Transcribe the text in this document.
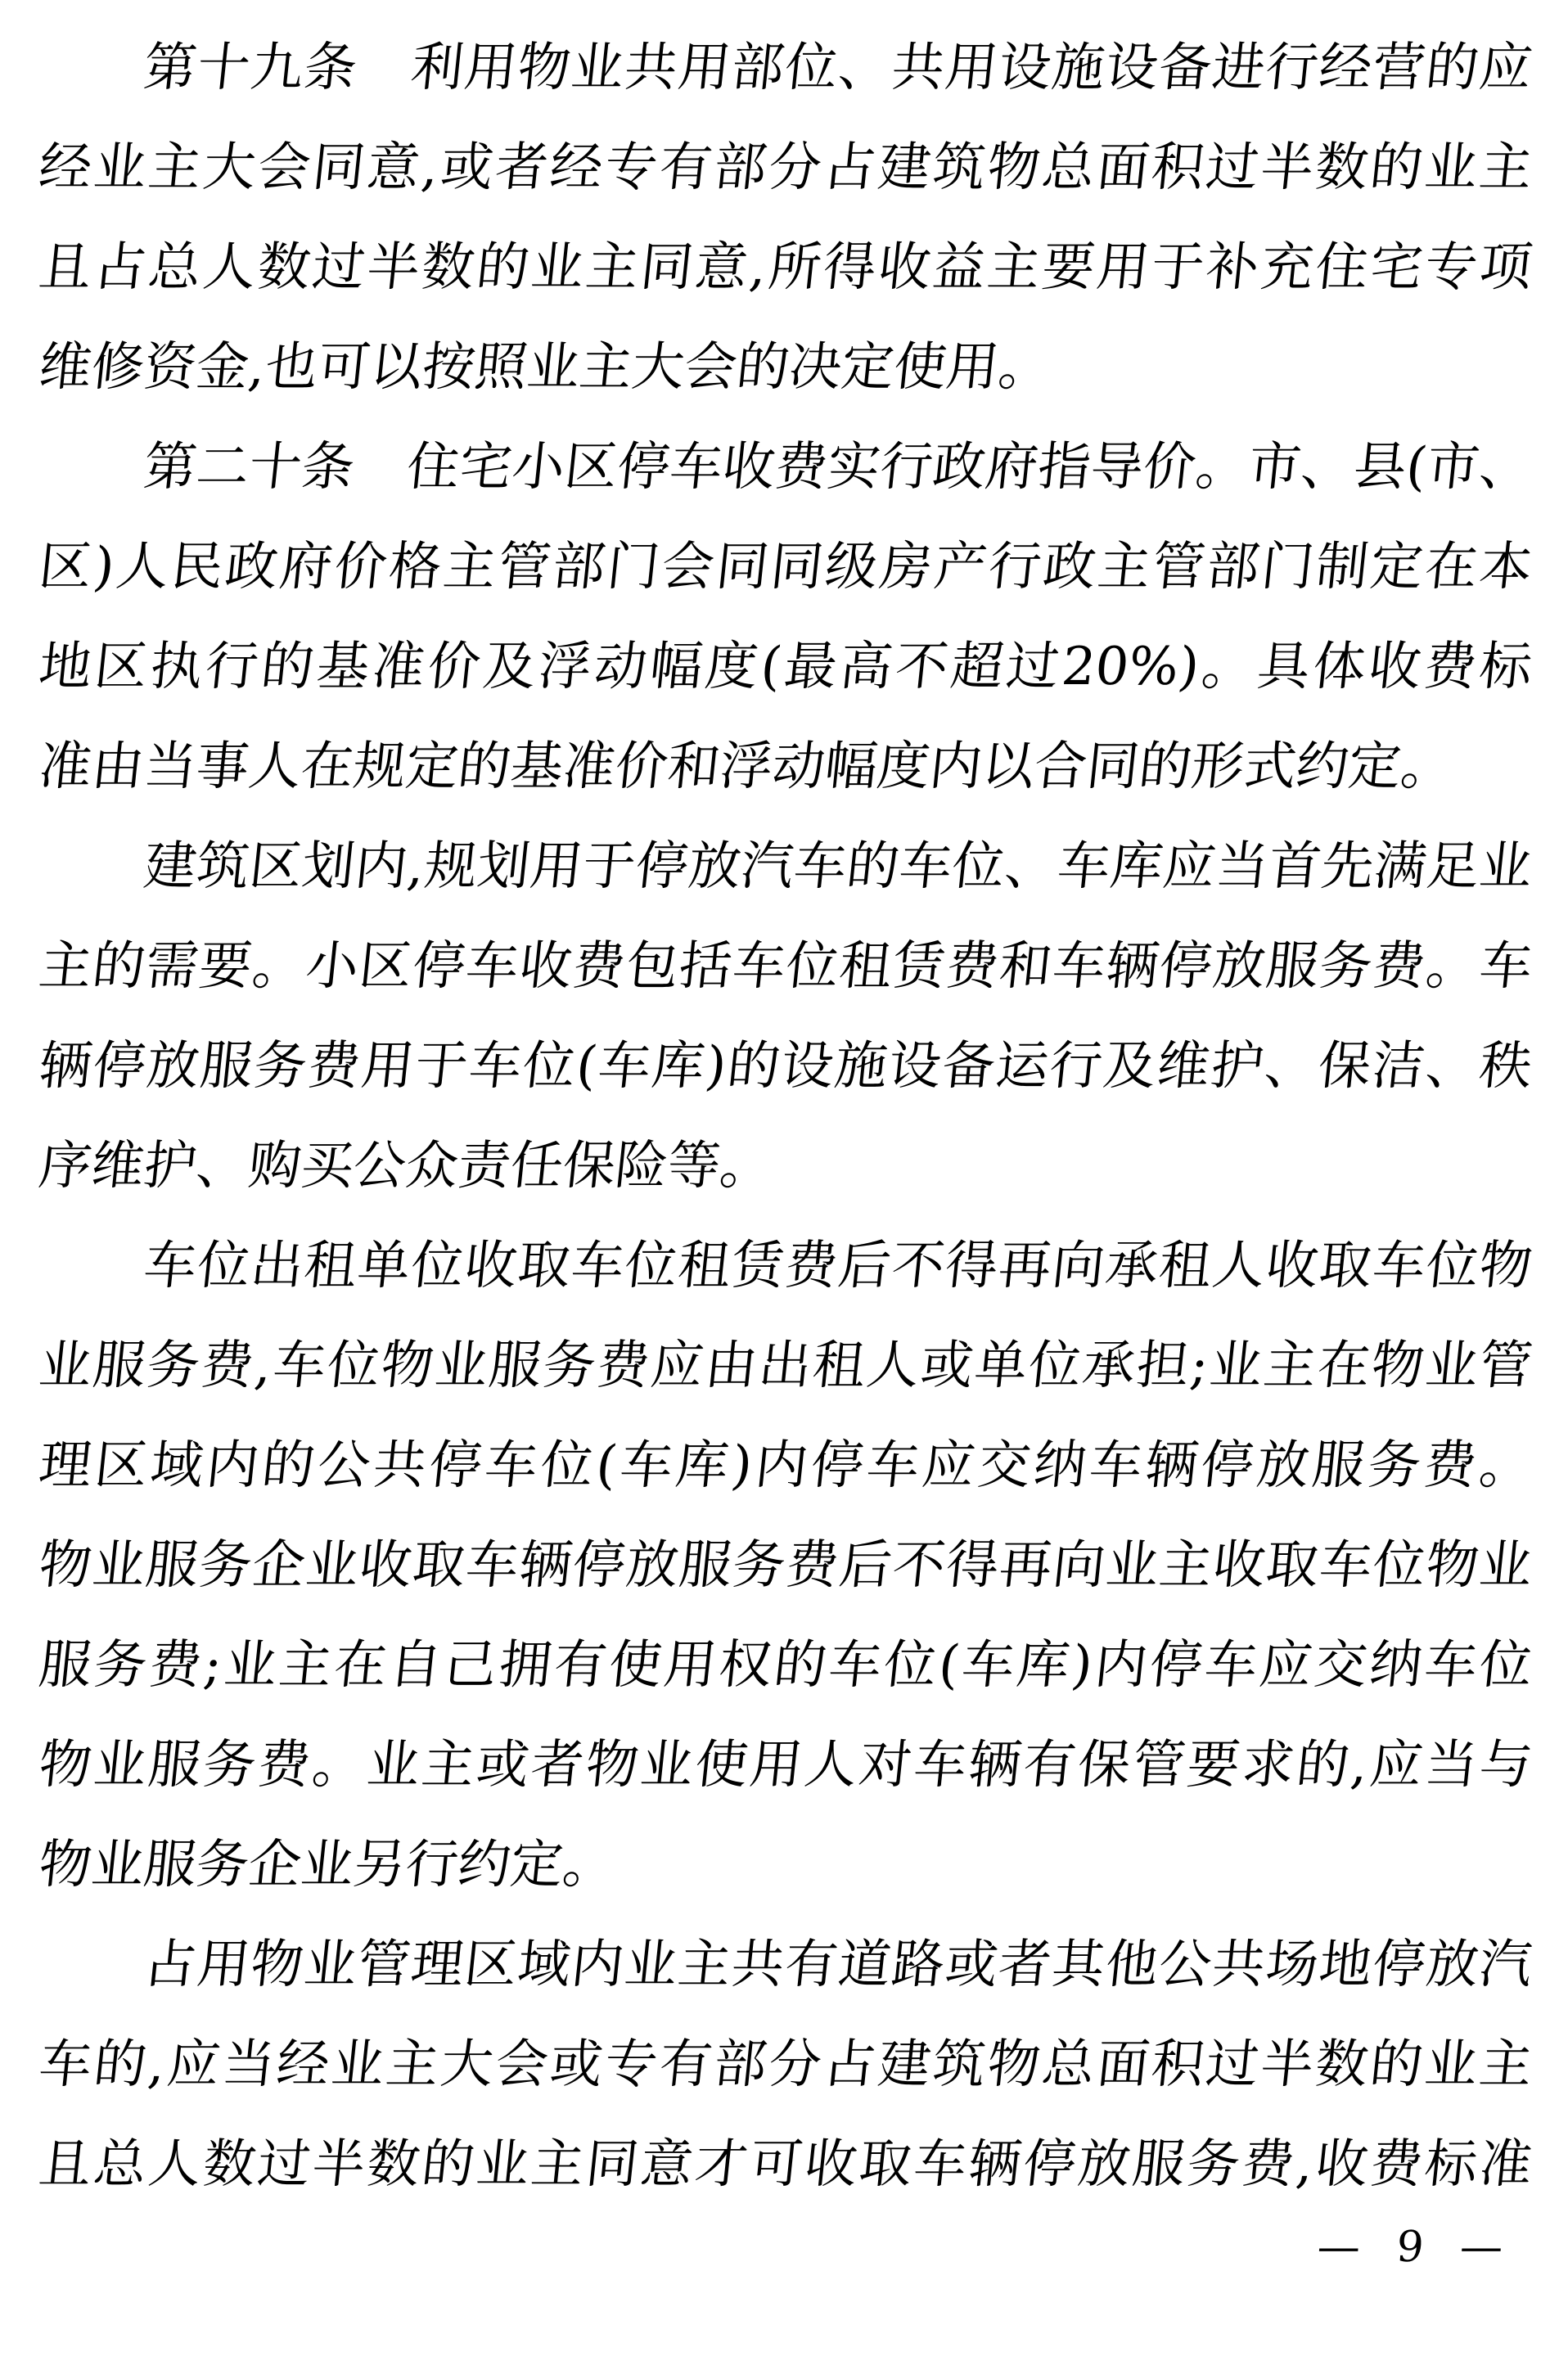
第十九条　利用物业共用部位、共用设施设备进行经营的应
经业主大会同意,或者经专有部分占建筑物总面积过半数的业主
且占总人数过半数的业主同意,所得收益主要用于补充住宅专项
维修资金,也可以按照业主大会的决定使用。
第二十条　住宅小区停车收费实行政府指导价。市、县(市、
区)人民政府价格主管部门会同同级房产行政主管部门制定在本
地区执行的基准价及浮动幅度(最高不超过20%)。具体收费标
准由当事人在规定的基准价和浮动幅度内以合同的形式约定。
建筑区划内,规划用于停放汽车的车位、车库应当首先满足业
主的需要。小区停车收费包括车位租赁费和车辆停放服务费。车
辆停放服务费用于车位(车库)的设施设备运行及维护、保洁、秩
序维护、购买公众责任保险等。
车位出租单位收取车位租赁费后不得再向承租人收取车位物
业服务费,车位物业服务费应由出租人或单位承担;业主在物业管
理区域内的公共停车位(车库)内停车应交纳车辆停放服务费。
物业服务企业收取车辆停放服务费后不得再向业主收取车位物业
服务费;业主在自己拥有使用权的车位(车库)内停车应交纳车位
物业服务费。业主或者物业使用人对车辆有保管要求的,应当与
物业服务企业另行约定。
占用物业管理区域内业主共有道路或者其他公共场地停放汽
车的,应当经业主大会或专有部分占建筑物总面积过半数的业主
且总人数过半数的业主同意才可收取车辆停放服务费,收费标准
— 9 —
